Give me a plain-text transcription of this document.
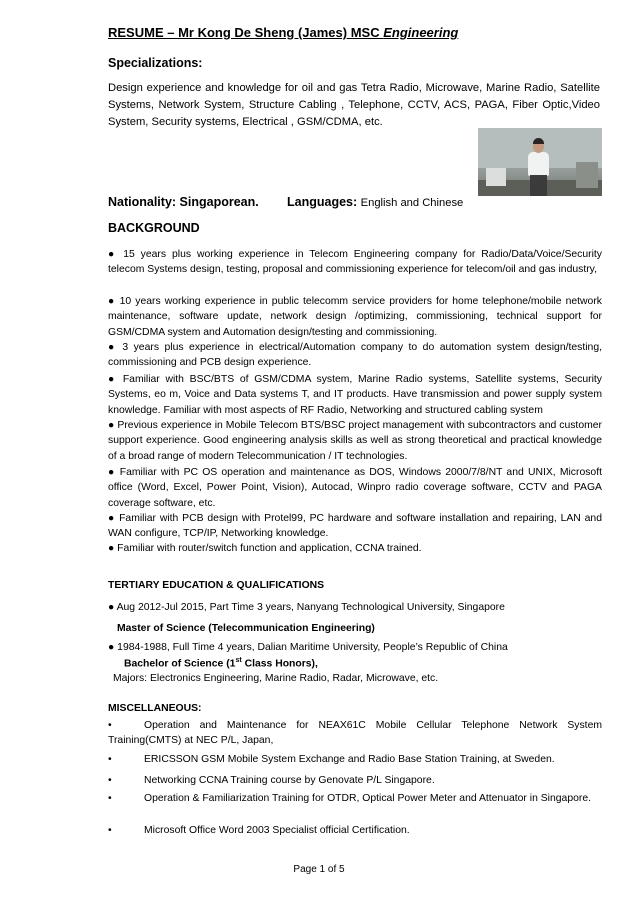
RESUME – Mr Kong De Sheng (James) MSC Engineering
Specializations:
Design experience and knowledge for oil and gas Tetra Radio, Microwave, Marine Radio, Satellite Systems, Network System, Structure Cabling , Telephone, CCTV, ACS, PAGA, Fiber Optic,Video System, Security systems, Electrical , GSM/CDMA, etc.
Nationality: Singaporean. Languages: English and Chinese
BACKGROUND
● 15 years plus working experience in Telecom Engineering company for Radio/Data/Voice/Security telecom Systems design, testing, proposal and commissioning experience for telecom/oil and gas industry,
● 10 years working experience in public telecomm service providers for home telephone/mobile network maintenance, software update, network design /optimizing, commissioning, technical support for GSM/CDMA system and Automation design/testing and commissioning.
● 3 years plus experience in electrical/Automation company to do automation system design/testing, commissioning and PCB design experience.
● Familiar with BSC/BTS of GSM/CDMA system, Marine Radio systems, Satellite systems, Security Systems, eo m, Voice and Data systems T, and IT products. Have transmission and power supply system knowledge. Familiar with most aspects of RF Radio, Networking and structured cabling system
● Previous experience in Mobile Telecom BTS/BSC project management with subcontractors and customer support experience. Good engineering analysis skills as well as strong theoretical and practical knowledge of a broad range of modern Telecommunication / IT technologies.
● Familiar with PC OS operation and maintenance as DOS, Windows 2000/7/8/NT and UNIX, Microsoft office (Word, Excel, Power Point, Vision), Autocad, Winpro radio coverage software, CCTV and PAGA coverage software, etc.
● Familiar with PCB design with Protel99, PC hardware and software installation and repairing, LAN and WAN configure, TCP/IP, Networking knowledge.
● Familiar with router/switch function and application, CCNA trained.
TERTIARY EDUCATION & QUALIFICATIONS
● Aug 2012-Jul 2015, Part Time 3 years, Nanyang Technological University, Singapore
Master of Science (Telecommunication Engineering)
● 1984-1988, Full Time 4 years, Dalian Maritime University, People’s Republic of China
Bachelor of Science (1st Class Honors),
Majors: Electronics Engineering, Marine Radio, Radar, Microwave, etc.
MISCELLANEOUS:
•	Operation and Maintenance for NEAX61C Mobile Cellular Telephone Network System Training(CMTS) at NEC P/L, Japan,
•	ERICSSON GSM Mobile System Exchange and Radio Base Station Training, at Sweden.
•	Networking CCNA Training course by Genovate P/L Singapore.
•	Operation & Familiarization Training for OTDR, Optical Power Meter and Attenuator in Singapore.
•	Microsoft Office Word 2003 Specialist official Certification.
Page 1 of 5
